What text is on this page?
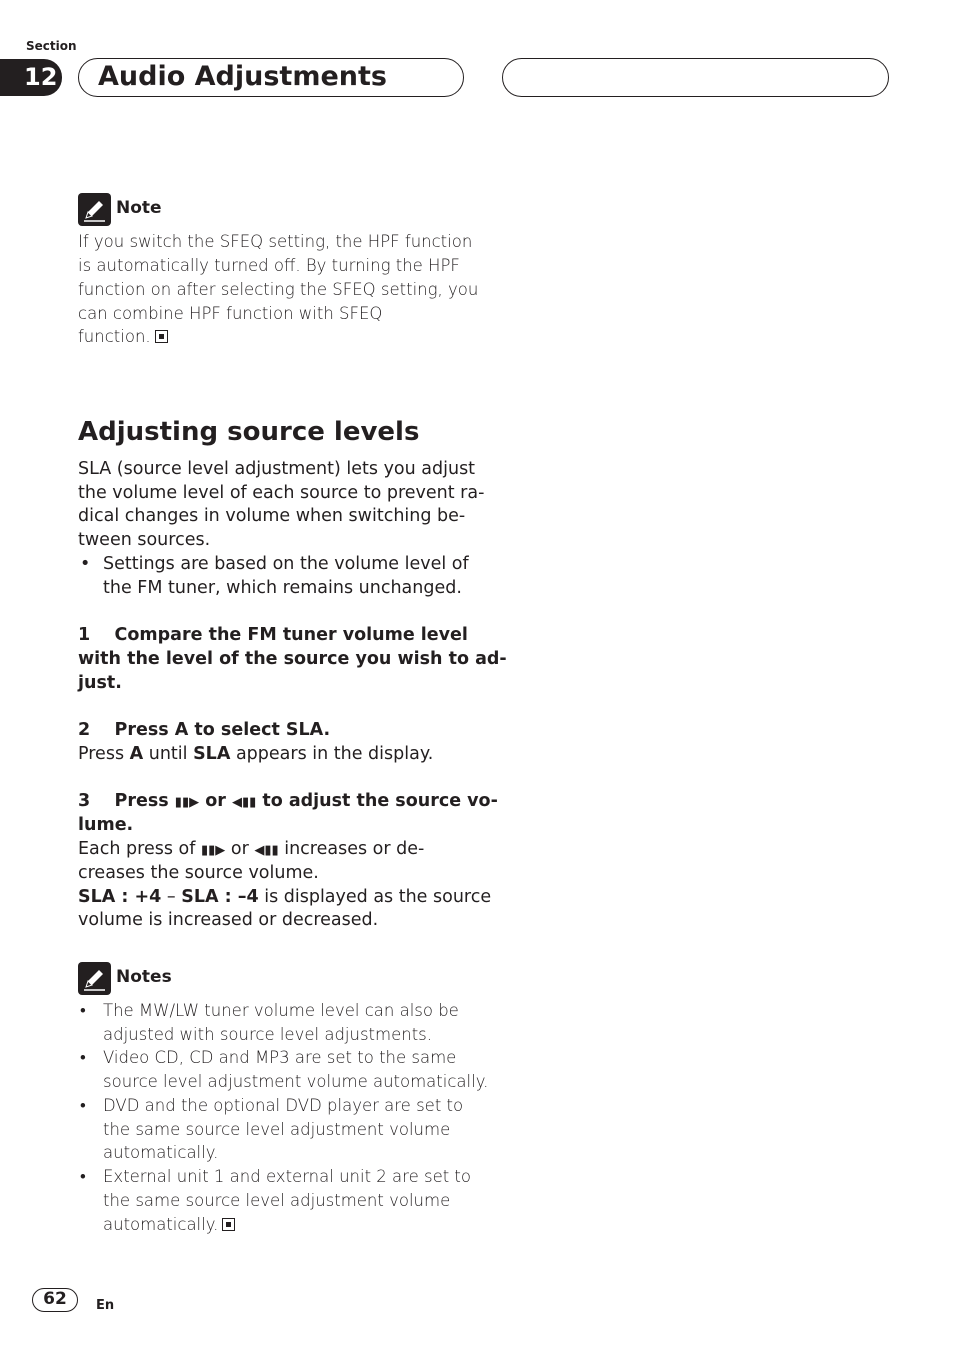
Section
12 Audio Adjustments
Note
If you switch the SFEQ setting, the HPF function
is automatically turned off. By turning the HPF
function on after selecting the SFEQ setting, you
can combine HPF function with SFEQ
function.
Adjusting source levels
SLA (source level adjustment) lets you adjust
the volume level of each source to prevent ra-
dical changes in volume when switching be-
tween sources.
• Settings are based on the volume level of
the FM tuner, which remains unchanged.
1    Compare the FM tuner volume level
with the level of the source you wish to ad-
just.
2    Press A to select SLA.
Press A until SLA appears in the display.
3    Press ▮▮▶ or ◀▮▮ to adjust the source vo-
lume.
Each press of ▮▮▶ or ◀▮▮ increases or de-
creases the source volume.
SLA : +4 – SLA : –4 is displayed as the source
volume is increased or decreased.
Notes
• The MW/LW tuner volume level can also be
adjusted with source level adjustments.
• Video CD, CD and MP3 are set to the same
source level adjustment volume automatically.
• DVD and the optional DVD player are set to
the same source level adjustment volume
automatically.
• External unit 1 and external unit 2 are set to
the same source level adjustment volume
automatically.
62	En
